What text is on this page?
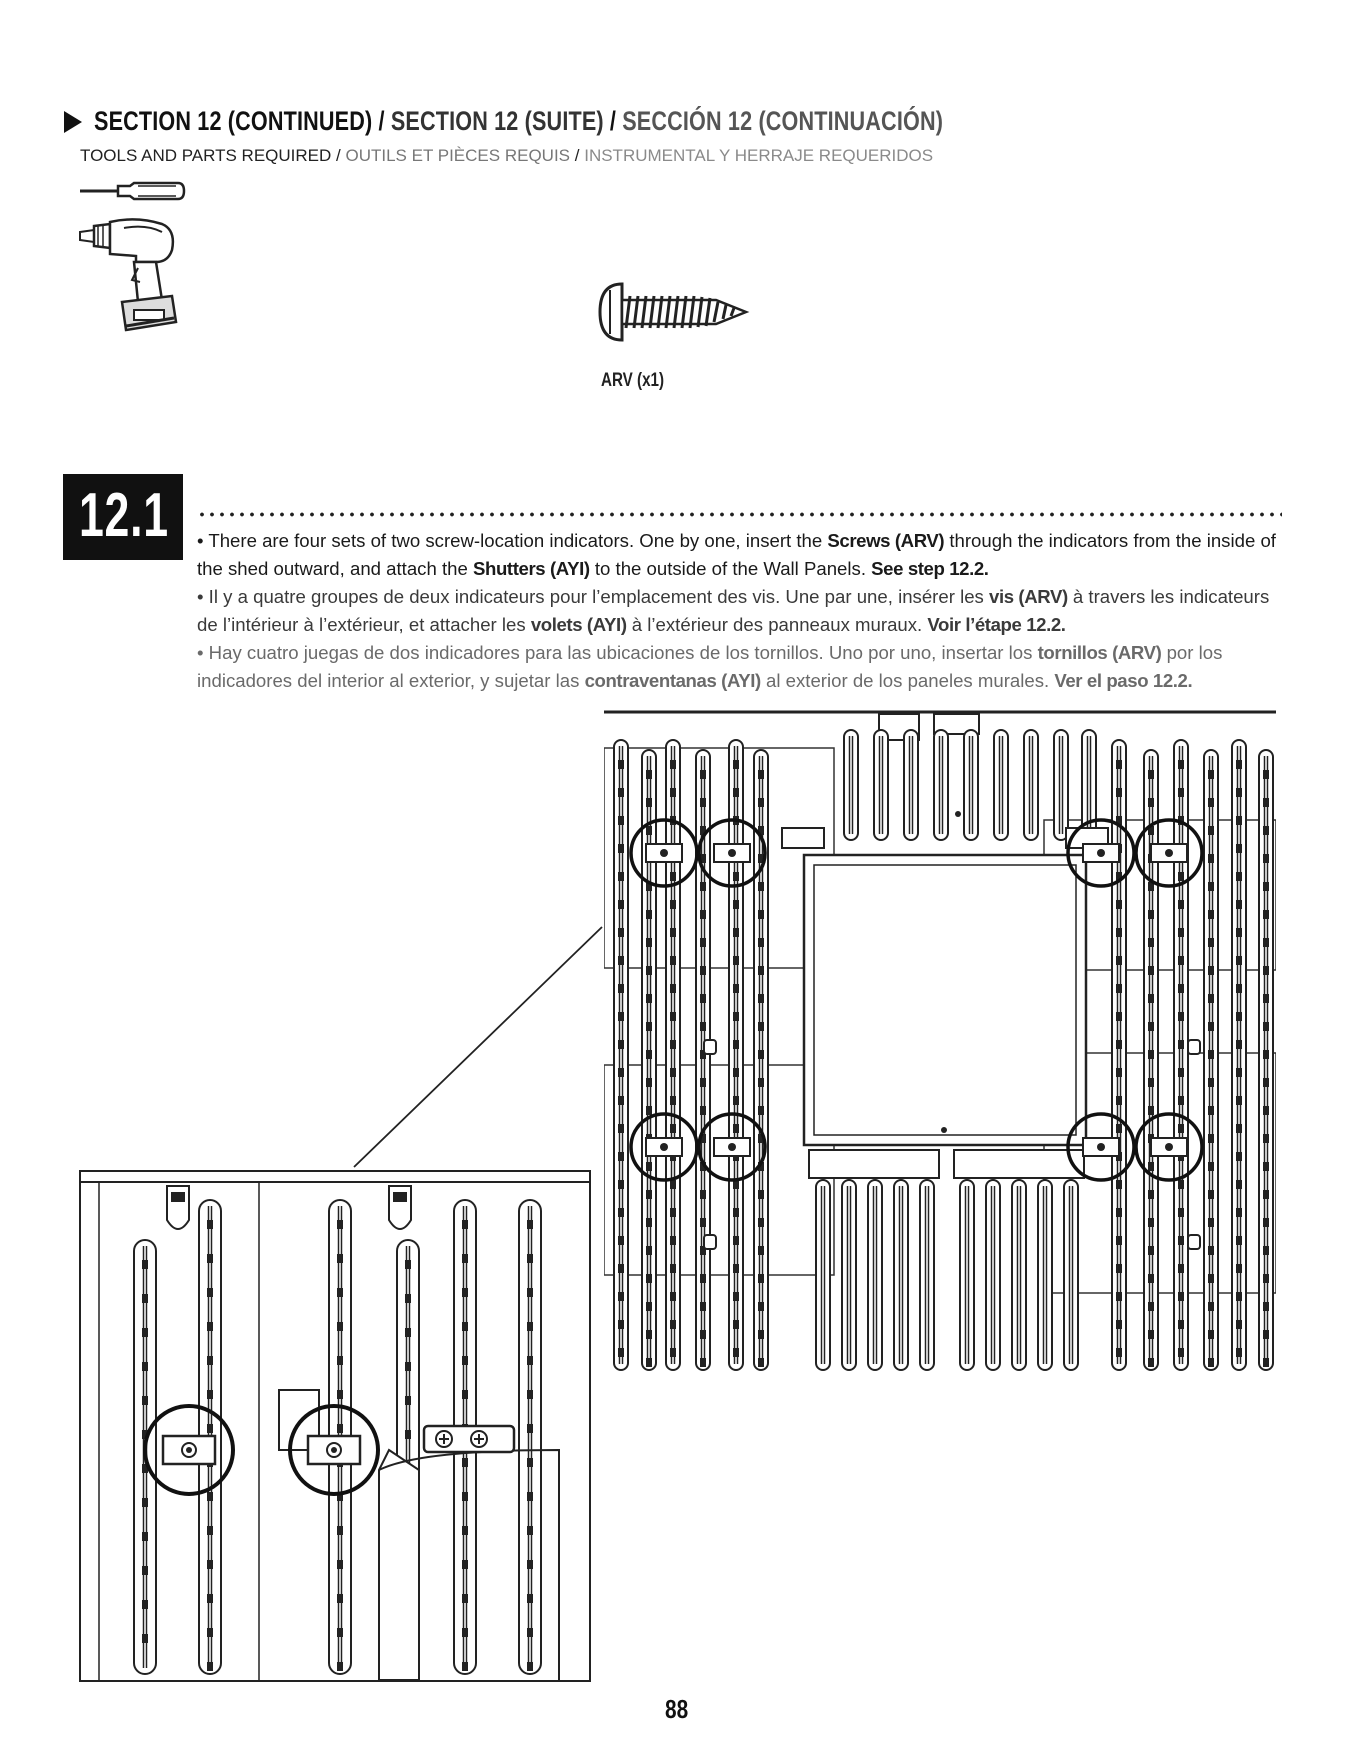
SECTION 12 (CONTINUED) / SECTION 12 (SUITE) / SECCIÓN 12 (CONTINUACIÓN)
TOOLS AND PARTS REQUIRED / OUTILS ET PIÈCES REQUIS / INSTRUMENTAL Y HERRAJE REQUERIDOS
ARV (x1)
12.1 • There are four sets of two screw-location indicators. One by one, insert the Screws (ARV) through the indicators from the inside of the shed outward, and attach the Shutters (AYI) to the outside of the Wall Panels. See step 12.2.

• Il y a quatre groupes de deux indicateurs pour l’emplacement des vis. Une par une, insérer les vis (ARV) à travers les indicateurs de l’intérieur à l’extérieur, et attacher les volets (AYI) à l’extérieur des panneaux muraux. Voir l’étape 12.2.

• Hay cuatro juegas de dos indicadores para las ubicaciones de los tornillos. Uno por uno, insertar los tornillos (ARV) por los indicadores del interior al exterior, y sujetar las contraventanas (AYI) al exterior de los paneles murales. Ver el paso 12.2.

88
